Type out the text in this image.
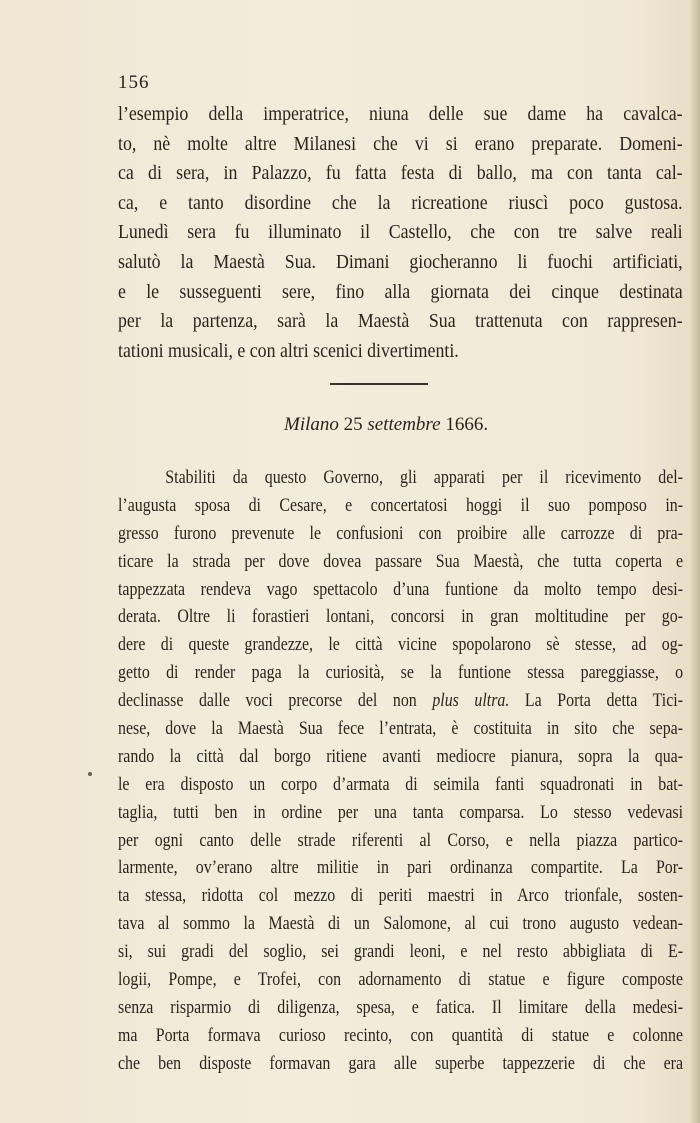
156
l’esempio della imperatrice, niuna delle sue dame ha cavalca-
to, nè molte altre Milanesi che vi si erano preparate. Domeni-
ca di sera, in Palazzo, fu fatta festa di ballo, ma con tanta cal-
ca, e tanto disordine che la ricreatione riuscì poco gustosa.
Lunedì sera fu illuminato il Castello, che con tre salve reali
salutò la Maestà Sua. Dimani giocheranno li fuochi artificiati,
e le susseguenti sere, fino alla giornata dei cinque destinata
per la partenza, sarà la Maestà Sua trattenuta con rappresen-
tationi musicali, e con altri scenici divertimenti.
Milano 25 settembre 1666.
Stabiliti da questo Governo, gli apparati per il ricevimento del-
l’augusta sposa di Cesare, e concertatosi hoggi il suo pomposo in-
gresso furono prevenute le confusioni con proibire alle carrozze di pra-
ticare la strada per dove dovea passare Sua Maestà, che tutta coperta e
tappezzata rendeva vago spettacolo d’una funtione da molto tempo desi-
derata. Oltre li forastieri lontani, concorsi in gran moltitudine per go-
dere di queste grandezze, le città vicine spopolarono sè stesse, ad og-
getto di render paga la curiosità, se la funtione stessa pareggiasse, o
declinasse dalle voci precorse del non plus ultra. La Porta detta Tici-
nese, dove la Maestà Sua fece l’entrata, è costituita in sito che sepa-
rando la città dal borgo ritiene avanti mediocre pianura, sopra la qua-
le era disposto un corpo d’armata di seimila fanti squadronati in bat-
taglia, tutti ben in ordine per una tanta comparsa. Lo stesso vedevasi
per ogni canto delle strade riferenti al Corso, e nella piazza partico-
larmente, ov’erano altre militie in pari ordinanza compartite. La Por-
ta stessa, ridotta col mezzo di periti maestri in Arco trionfale, sosten-
tava al sommo la Maestà di un Salomone, al cui trono augusto vedean-
si, sui gradi del soglio, sei grandi leoni, e nel resto abbigliata di E-
logii, Pompe, e Trofei, con adornamento di statue e figure composte
senza risparmio di diligenza, spesa, e fatica. Il limitare della medesi-
ma Porta formava curioso recinto, con quantità di statue e colonne
che ben disposte formavan gara alle superbe tappezzerie di che era
